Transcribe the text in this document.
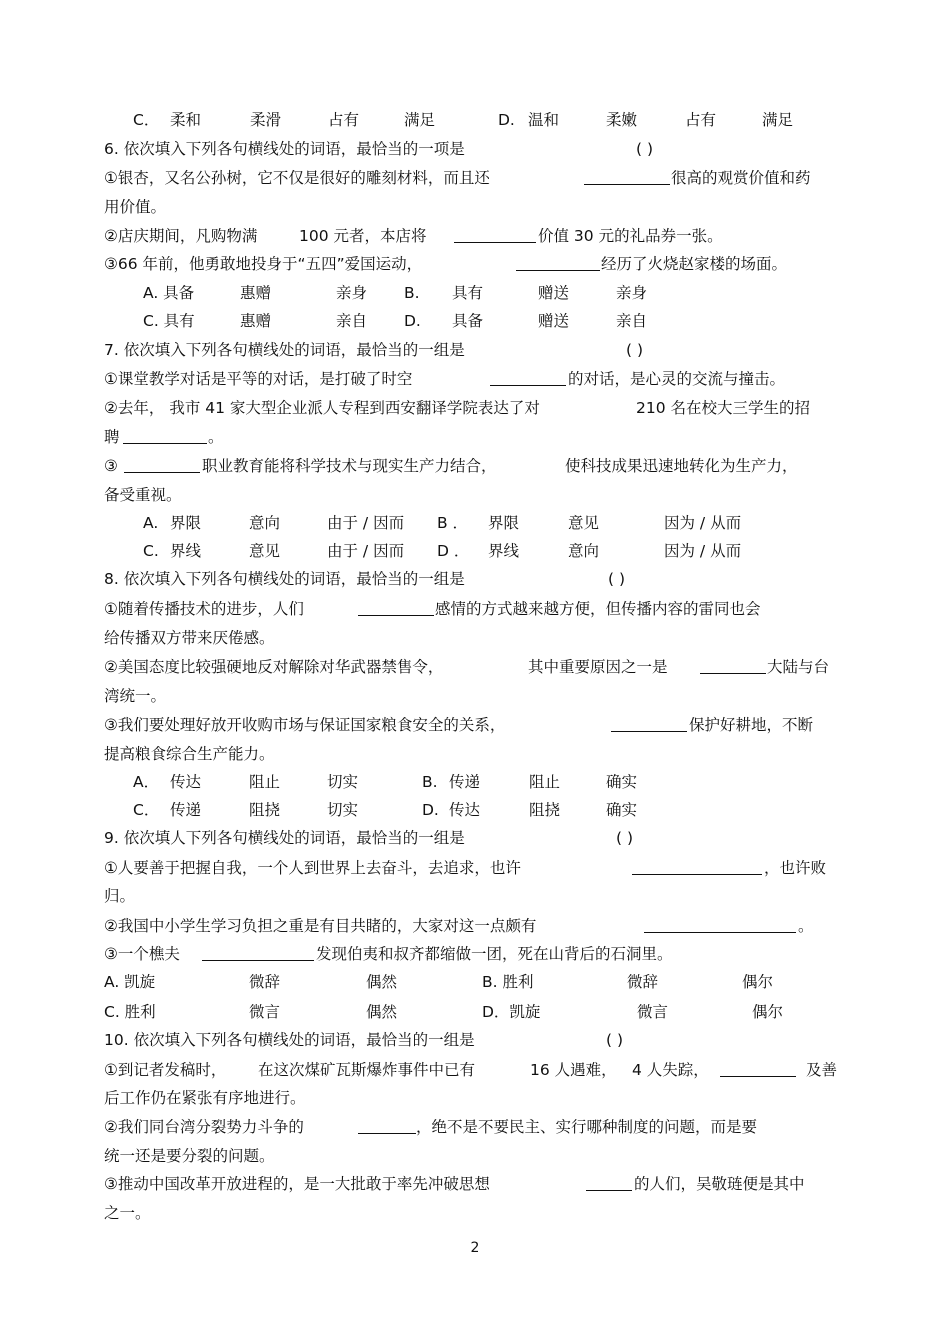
C． 柔和	柔滑	占有	满足	D. 温和	柔嫩	占有	满足
6. 依次填入下列各句横线处的词语，最恰当的一项是	( )
①银杏，又名公孙树，它不仅是很好的雕刻材料，而且还	很高的观赏价值和药
用价值。
②店庆期间，凡购物满	100 元者，本店将	价值 30 元的礼品券一张。
③66 年前，他勇敢地投身于“五四”爱国运动，	经历了火烧赵家楼的场面。
A. 具备	惠赠	亲身 B. 具有	赠送	亲身
C. 具有	惠赠	亲自 D. 具备	赠送	亲自
7. 依次填入下列各句横线处的词语，最恰当的一组是	( )
①课堂教学对话是平等的对话，是打破了时空	的对话，是心灵的交流与撞击。
②去年， 我市 41 家大型企业派人专程到西安翻译学院表达了对	210 名在校大三学生的招
聘	。
③	职业教育能将科学技术与现实生产力结合，	使科技成果迅速地转化为生产力，
备受重视。
A. 界限	意向	由于 / 因而 B ． 界限	意见	因为 / 从而
C. 界线	意见	由于 / 因而 D ． 界线	意向	因为 / 从而
8. 依次填入下列各句横线处的词语，最恰当的一组是	( )
①随着传播技术的进步，人们	感情的方式越来越方便，但传播内容的雷同也会
给传播双方带来厌倦感。
②美国态度比较强硬地反对解除对华武器禁售令，	其中重要原因之一是	大陆与台
湾统一。
③我们要处理好放开收购市场与保证国家粮食安全的关系，	保护好耕地，不断
提高粮食综合生产能力。
A． 传达	阻止	切实	B. 传递	阻止	确实
C． 传递	阻挠	切实	D. 传达	阻挠	确实
9. 依次填人下列各句横线处的词语，最恰当的一组是	( )
①人要善于把握自我，一个人到世界上去奋斗，去追求，也许	，也许败
归。
②我国中小学生学习负担之重是有目共睹的，大家对这一点颇有	。
③一个樵夫	发现伯夷和叔齐都缩做一团，死在山背后的石洞里。
A. 凯旋	微辞	偶然	B. 胜利	微辞	偶尔
C. 胜利	微言	偶然	D．凯旋	微言	偶尔
10. 依次填入下列各句横线处的词语，最恰当的一组是	( )
①到记者发稿时， 在这次煤矿瓦斯爆炸事件中已有	16 人遇难， 4 人失踪，	及善
后工作仍在紧张有序地进行。
②我们同台湾分裂势力斗争的	，绝不是不要民主、实行哪种制度的问题，而是要
统一还是要分裂的问题。
③推动中国改革开放进程的，是一大批敢于率先冲破思想	的人们，吴敬琏便是其中
之一。
2
